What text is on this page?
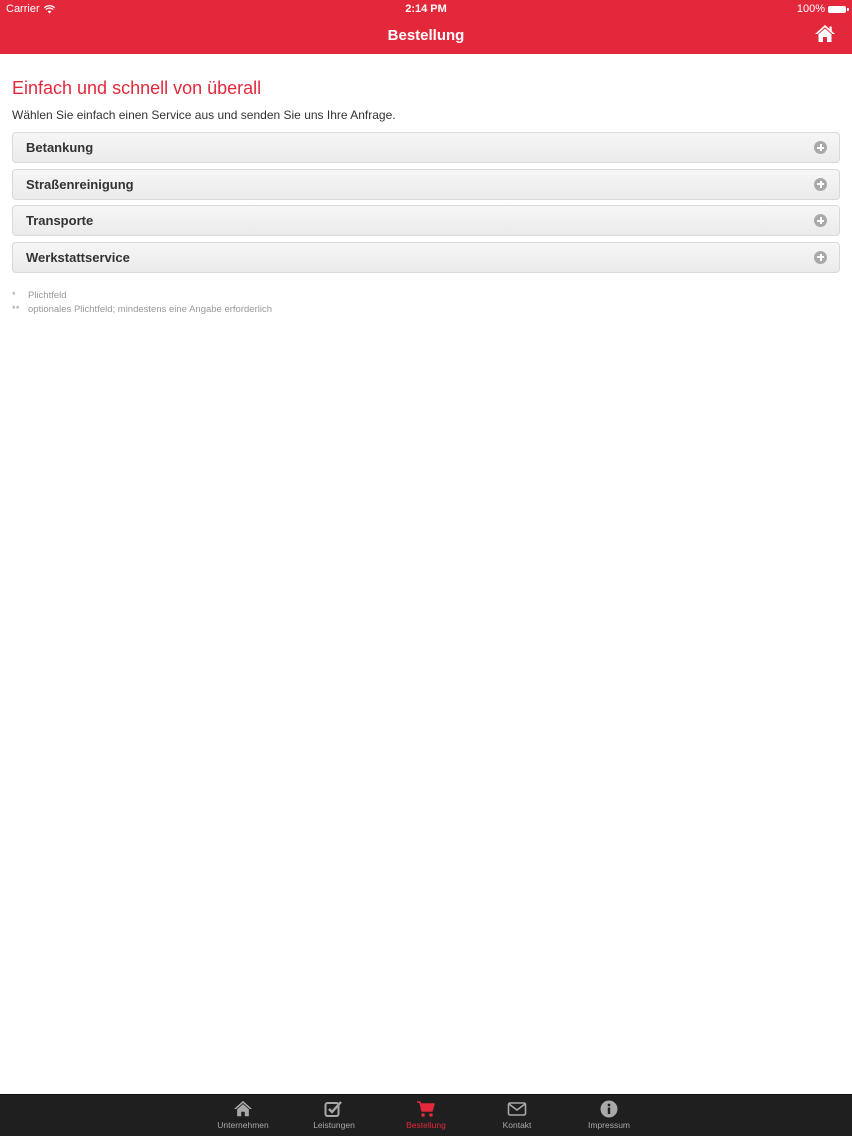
Carrier	2:14 PM	100%
Bestellung
Einfach und schnell von überall
Wählen Sie einfach einen Service aus und senden Sie uns Ihre Anfrage.
Betankung
Straßenreinigung
Transporte
Werkstattservice
*	Plichtfeld
** optionales Plichtfeld; mindestens eine Angabe erforderlich
Unternehmen	Leistungen	Bestellung	Kontakt	Impressum
